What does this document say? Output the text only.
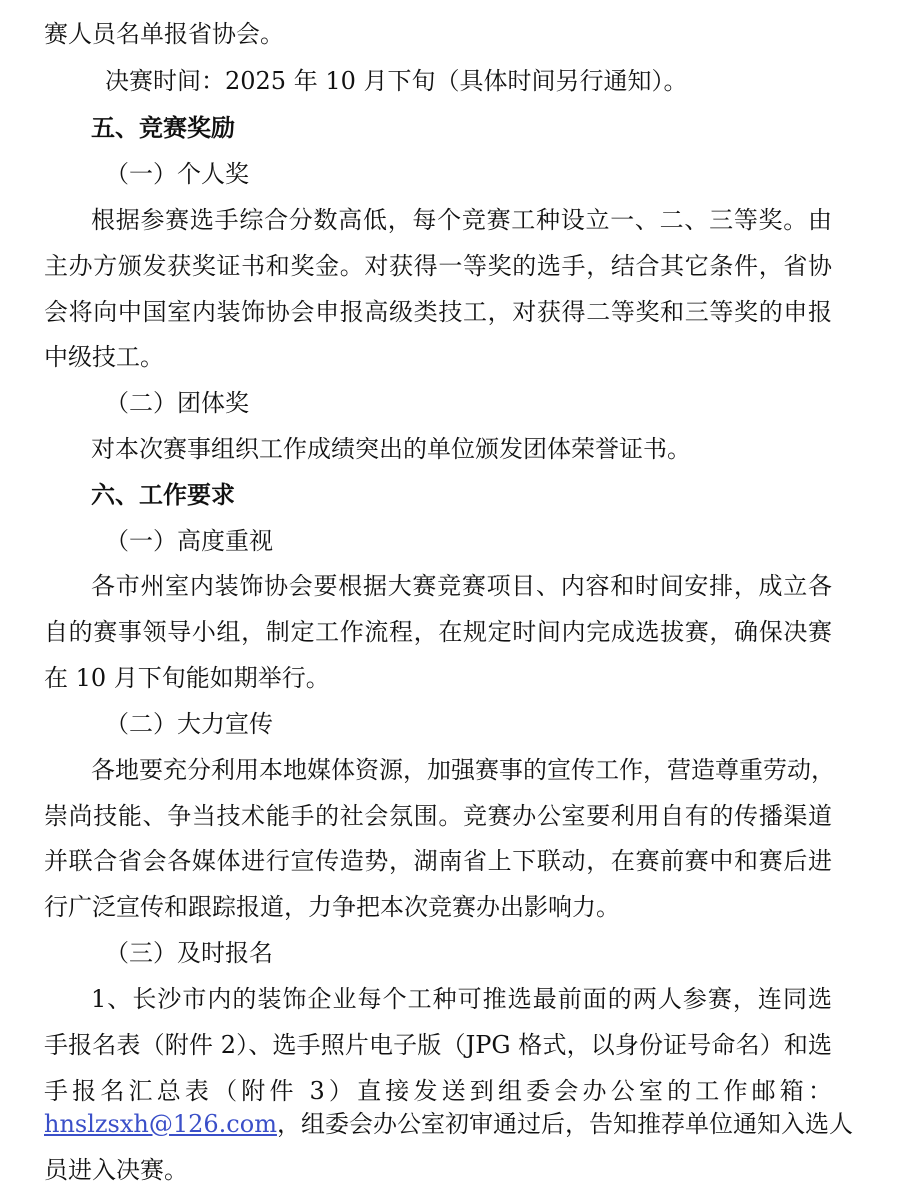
赛人员名单报省协会。
决赛时间：2025 年 10 月下旬（具体时间另行通知）。
五、竞赛奖励
（一）个人奖
根据参赛选手综合分数高低，每个竞赛工种设立一、二、三等奖。由
主办方颁发获奖证书和奖金。对获得一等奖的选手，结合其它条件，省协
会将向中国室内装饰协会申报高级类技工，对获得二等奖和三等奖的申报
中级技工。
（二）团体奖
对本次赛事组织工作成绩突出的单位颁发团体荣誉证书。
六、工作要求
（一）高度重视
各市州室内装饰协会要根据大赛竞赛项目、内容和时间安排，成立各
自的赛事领导小组，制定工作流程，在规定时间内完成选拔赛，确保决赛
在 10 月下旬能如期举行。
（二）大力宣传
各地要充分利用本地媒体资源，加强赛事的宣传工作，营造尊重劳动，
崇尚技能、争当技术能手的社会氛围。竞赛办公室要利用自有的传播渠道
并联合省会各媒体进行宣传造势，湖南省上下联动，在赛前赛中和赛后进
行广泛宣传和跟踪报道，力争把本次竞赛办出影响力。
（三）及时报名
1、长沙市内的装饰企业每个工种可推选最前面的两人参赛，连同选
手报名表（附件 2）、选手照片电子版（JPG 格式，以身份证号命名）和选
手报名汇总表（附件 3）直接发送到组委会办公室的工作邮箱：
hnslzsxh@126.com，组委会办公室初审通过后，告知推荐单位通知入选人
员进入决赛。
